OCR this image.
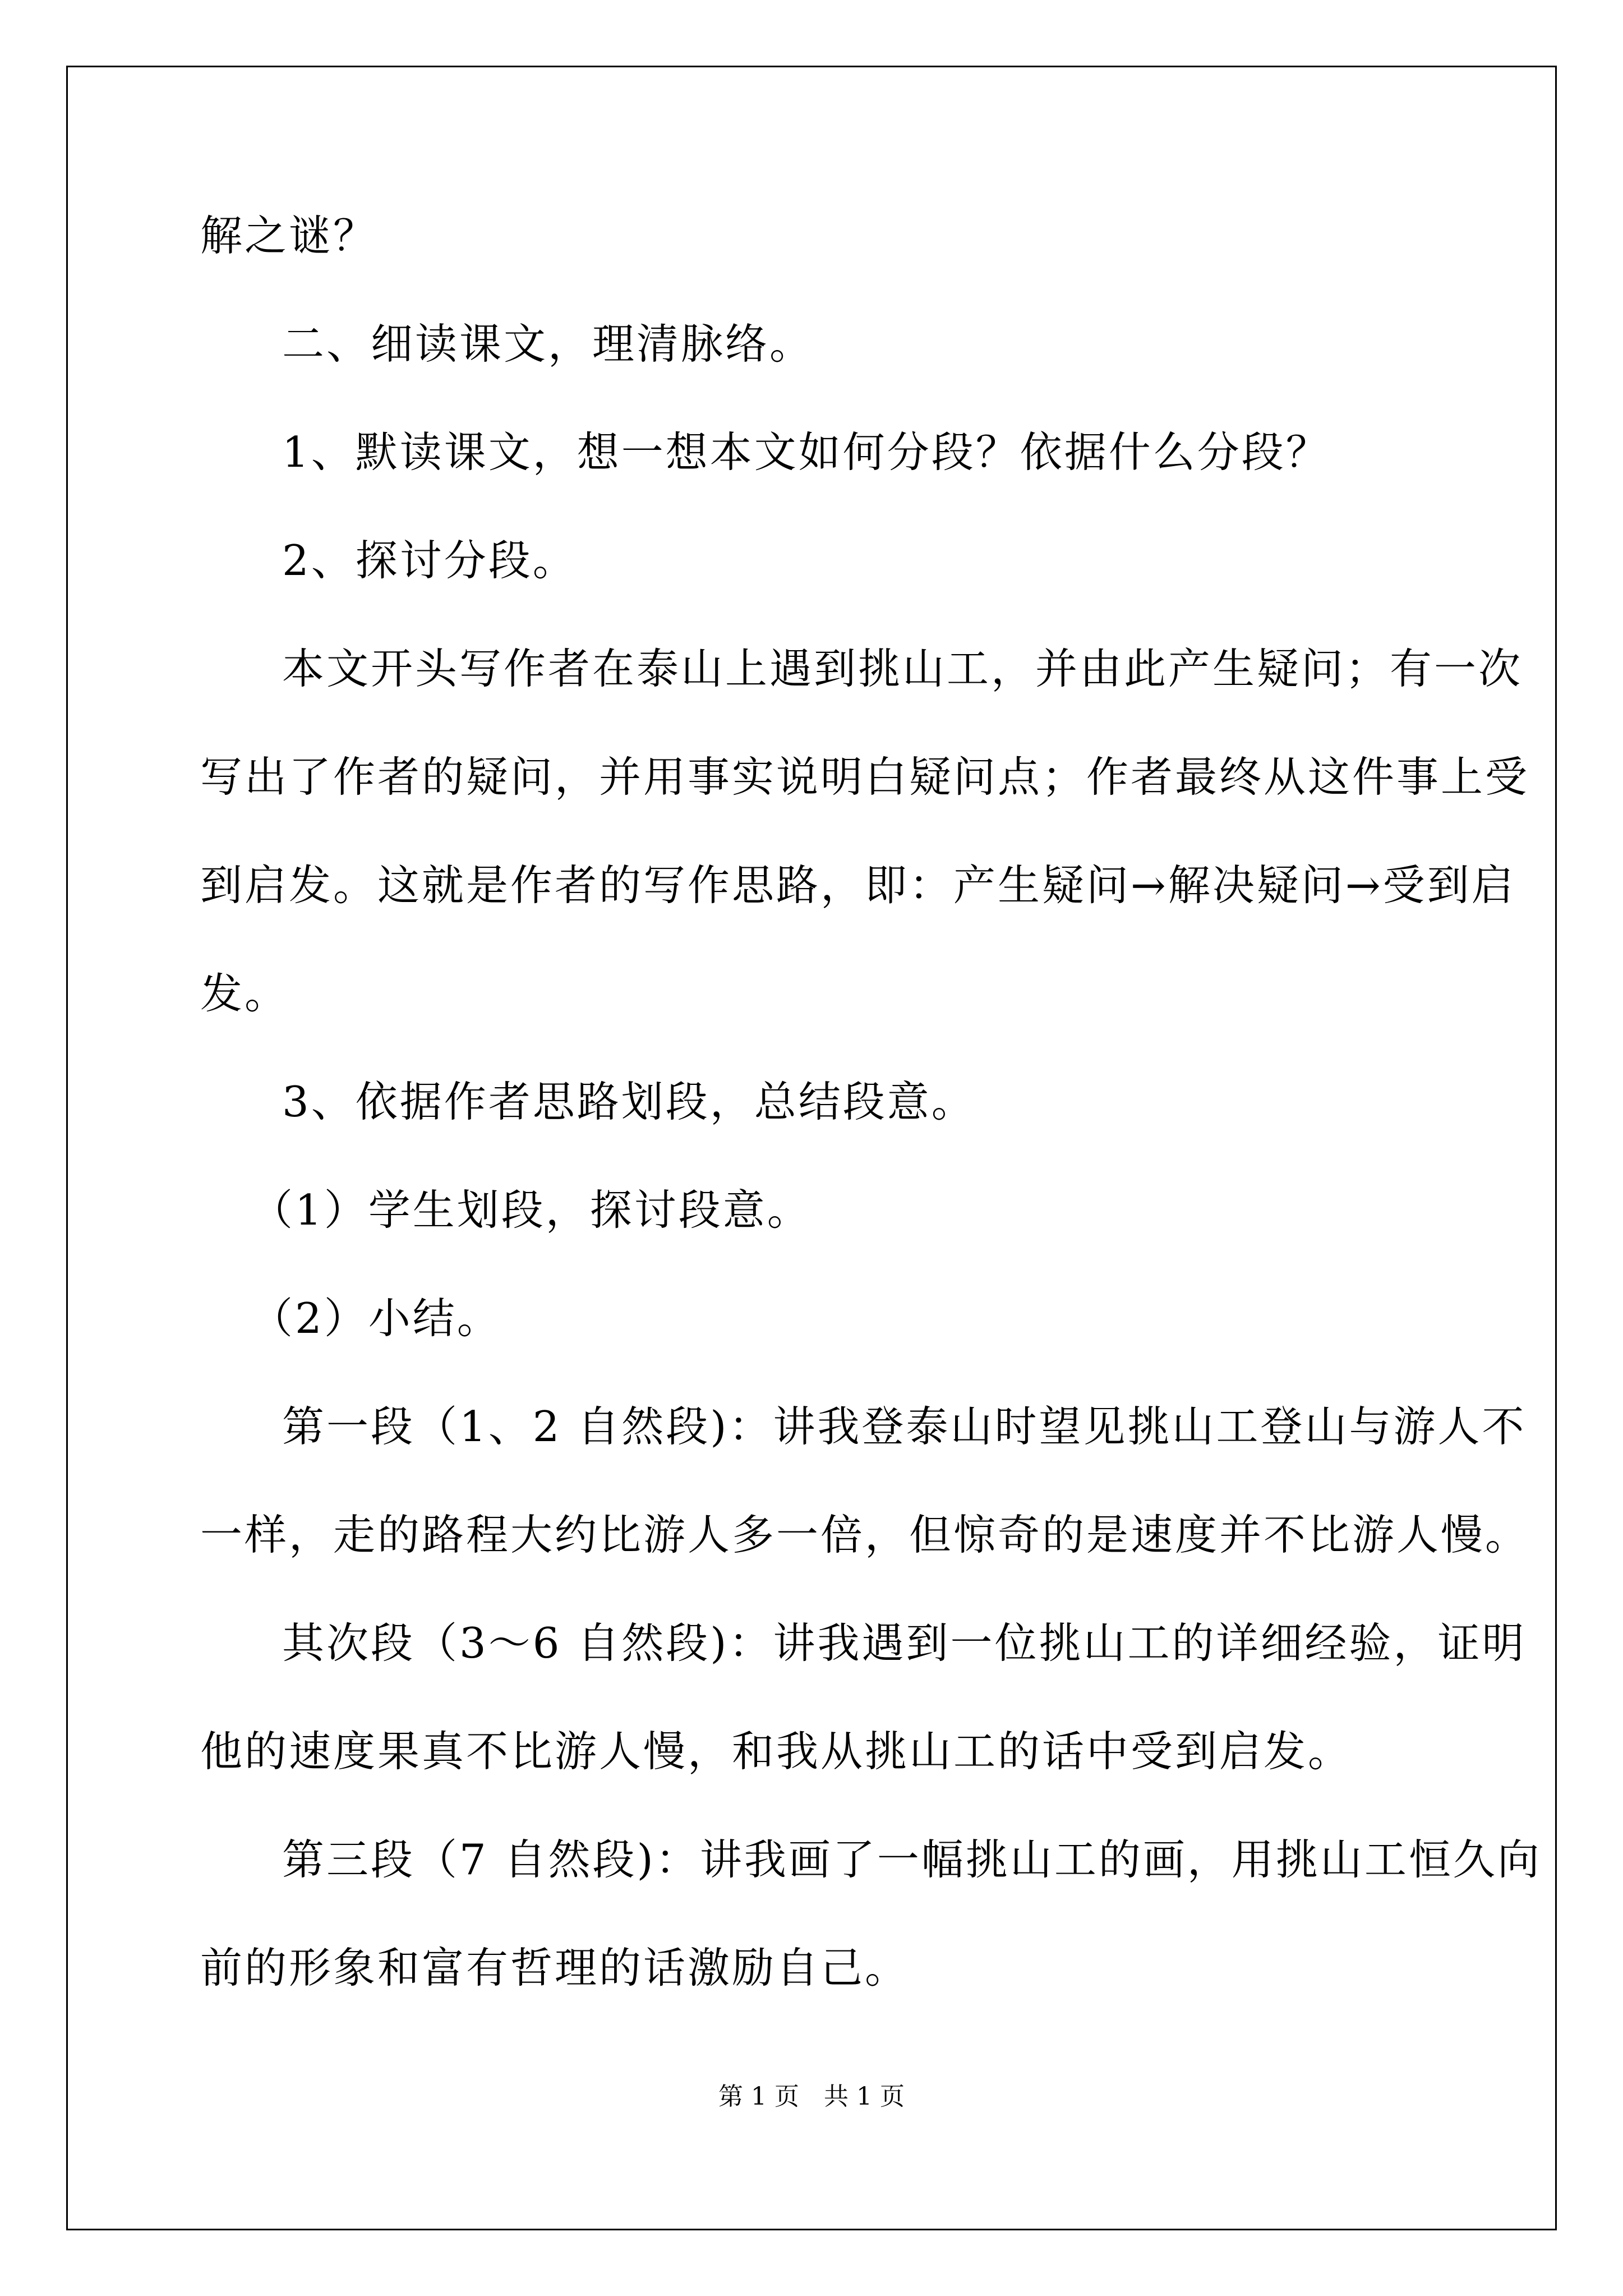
解之谜？
二、细读课文，理清脉络。
1、默读课文，想一想本文如何分段？依据什么分段？
2、探讨分段。
本文开头写作者在泰山上遇到挑山工，并由此产生疑问；有一次
写出了作者的疑问，并用事实说明白疑问点；作者最终从这件事上受
到启发。这就是作者的写作思路，即：产生疑问→解决疑问→受到启
发。
3、依据作者思路划段，总结段意。
（1）学生划段，探讨段意。
（2）小结。
第一段（1、2 自然段)：讲我登泰山时望见挑山工登山与游人不
一样，走的路程大约比游人多一倍，但惊奇的是速度并不比游人慢。
其次段（3～6 自然段)：讲我遇到一位挑山工的详细经验，证明
他的速度果真不比游人慢，和我从挑山工的话中受到启发。
第三段（7 自然段)：讲我画了一幅挑山工的画，用挑山工恒久向
前的形象和富有哲理的话激励自己。
第 1 页　共 1 页
